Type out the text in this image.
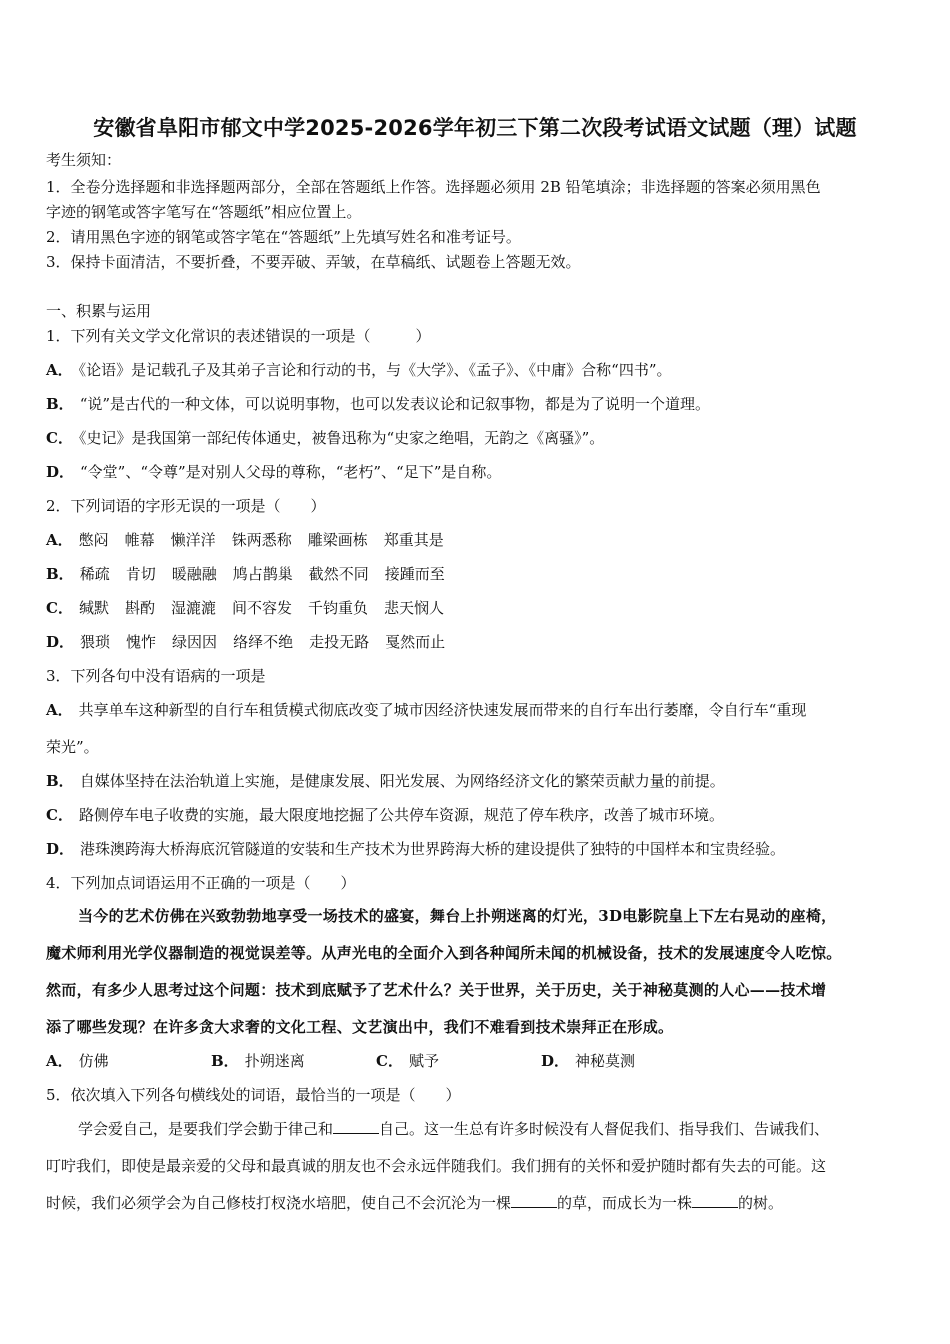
安徽省阜阳市郁文中学2025-2026学年初三下第二次段考试语文试题（理）试题
考生须知：
1．全卷分选择题和非选择题两部分，全部在答题纸上作答。选择题必须用 2B 铅笔填涂；非选择题的答案必须用黑色
字迹的钢笔或答字笔写在“答题纸”相应位置上。
2．请用黑色字迹的钢笔或答字笔在“答题纸”上先填写姓名和准考证号。
3．保持卡面清洁，不要折叠，不要弄破、弄皱，在草稿纸、试题卷上答题无效。
一、积累与运用
1．下列有关文学文化常识的表述错误的一项是（　　　）
A． 《论语》是记载孔子及其弟子言论和行动的书，与《大学》、《孟子》、《中庸》合称“四书”。
B． “说”是古代的一种文体，可以说明事物，也可以发表议论和记叙事物，都是为了说明一个道理。
C． 《史记》是我国第一部纪传体通史，被鲁迅称为“史家之绝唱，无韵之《离骚》”。
D． “令堂”、“令尊”是对别人父母的尊称，“老朽”、“足下”是自称。
2．下列词语的字形无误的一项是（　　）
A． 憋闷 帷幕 懒洋洋 铢两悉称 雕梁画栋 郑重其是
B． 稀疏 肯切 暖融融 鸠占鹊巢 截然不同 接踵而至
C． 缄默 斟酌 湿漉漉 间不容发 千钧重负 悲天悯人
D． 猥琐 愧怍 绿因因 络绎不绝 走投无路 戛然而止
3．下列各句中没有语病的一项是
A． 共享单车这种新型的自行车租赁模式彻底改变了城市因经济快速发展而带来的自行车出行萎靡，令自行车“重现
荣光”。
B． 自媒体坚持在法治轨道上实施，是健康发展、阳光发展、为网络经济文化的繁荣贡献力量的前提。
C． 路侧停车电子收费的实施，最大限度地挖掘了公共停车资源，规范了停车秩序，改善了城市环境。
D． 港珠澳跨海大桥海底沉管隧道的安装和生产技术为世界跨海大桥的建设提供了独特的中国样本和宝贵经验。
4．下列加点词语运用不正确的一项是（　　）
当今的艺术仿佛在兴致勃勃地享受一场技术的盛宴，舞台上扑朔迷离的灯光，3D电影院皇上下左右晃动的座椅，
魔术师利用光学仪器制造的视觉误差等。从声光电的全面介入到各种闻所未闻的机械设备，技术的发展速度令人吃惊。
然而，有多少人思考过这个问题：技术到底赋予了艺术什么？关于世界，关于历史，关于神秘莫测的人心——技术增
添了哪些发现？在许多贪大求奢的文化工程、文艺演出中，我们不难看到技术崇拜正在形成。
A． 仿佛	B． 扑朔迷离	C． 赋予	D． 神秘莫测
5．依次填入下列各句横线处的词语，最恰当的一项是（　　）
学会爱自己，是要我们学会勤于律己和	自己。这一生总有许多时候没有人督促我们、指导我们、告诫我们、
叮咛我们，即使是最亲爱的父母和最真诚的朋友也不会永远伴随我们。我们拥有的关怀和爱护随时都有失去的可能。这
时候，我们必须学会为自己修枝打杈浇水培肥，使自己不会沉沦为一棵	的草，而成长为一株	的树。
